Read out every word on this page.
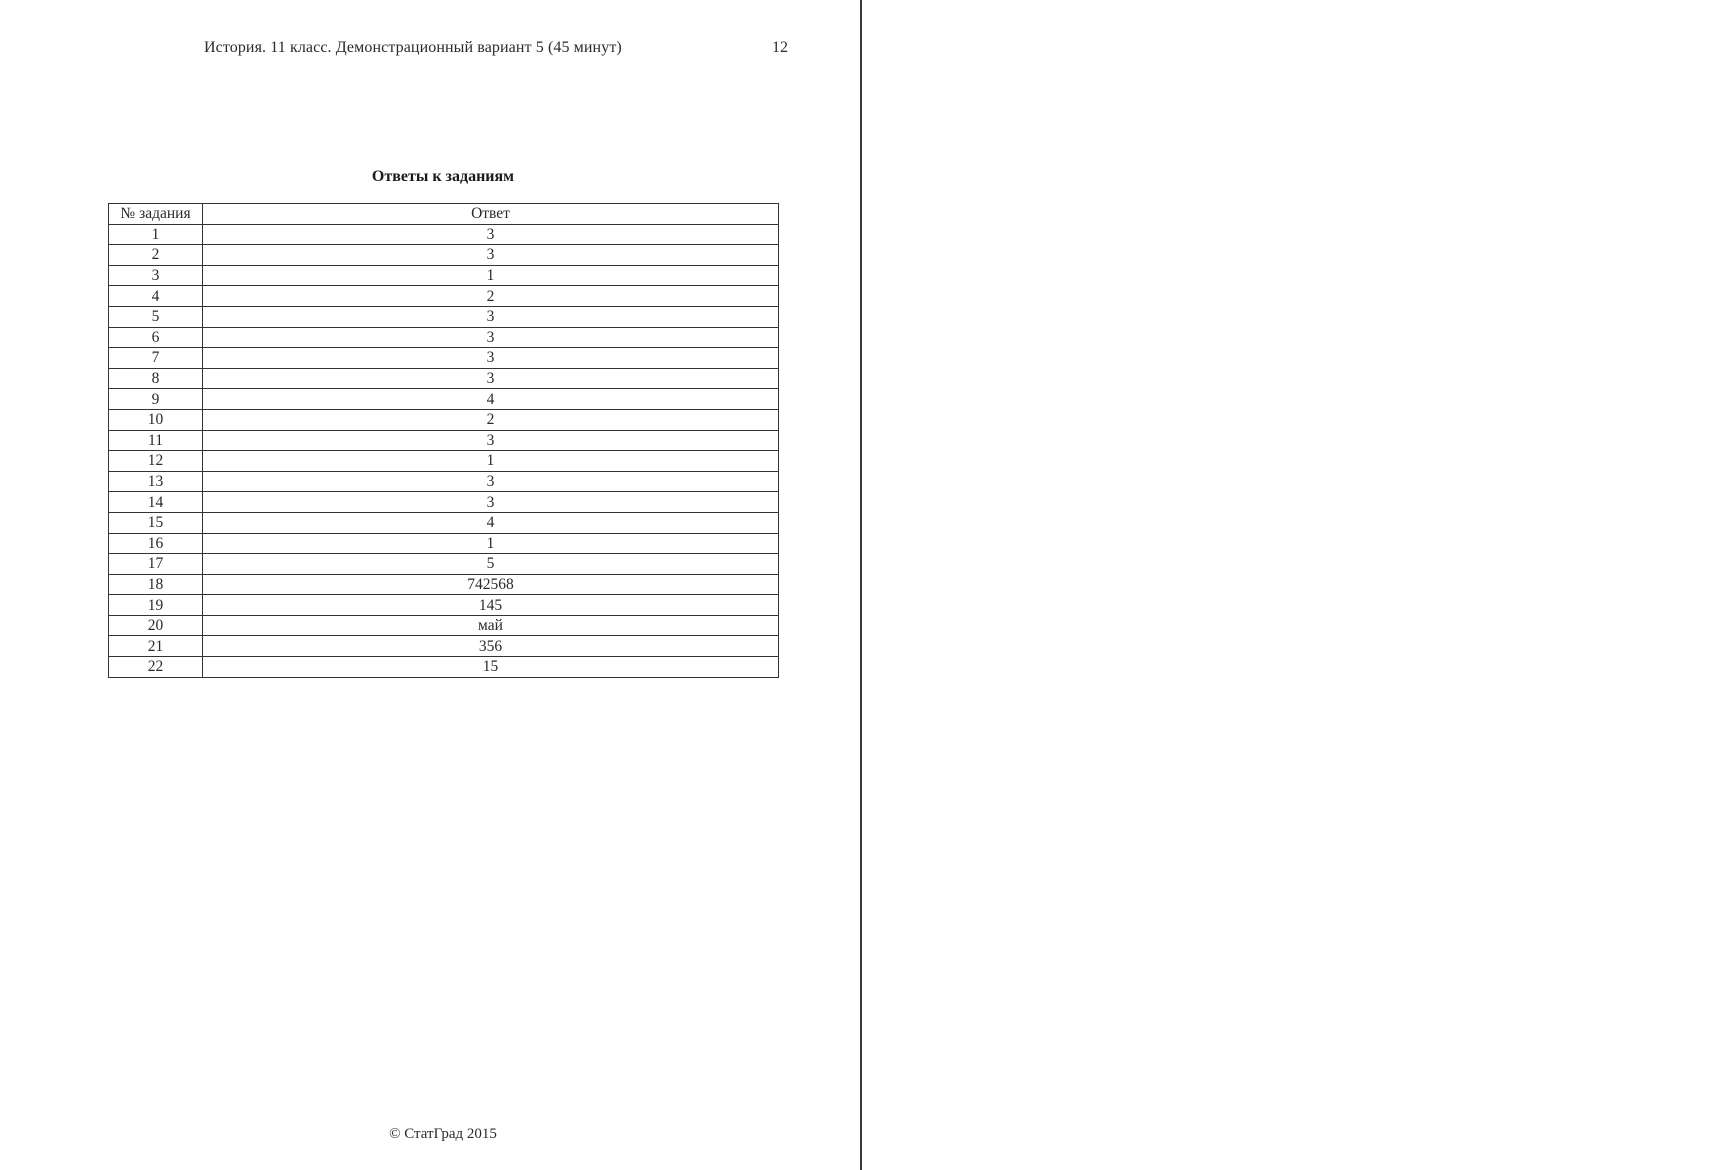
История. 11 класс. Демонстрационный вариант 5 (45 минут)	12
Ответы к заданиям
№ задания	Ответ
1	3
2	3
3	1
4	2
5	3
6	3
7	3
8	3
9	4
10	2
11	3
12	1
13	3
14	3
15	4
16	1
17	5
18	742568
19	145
20	май
21	356
22	15
© СтатГрад 2015
